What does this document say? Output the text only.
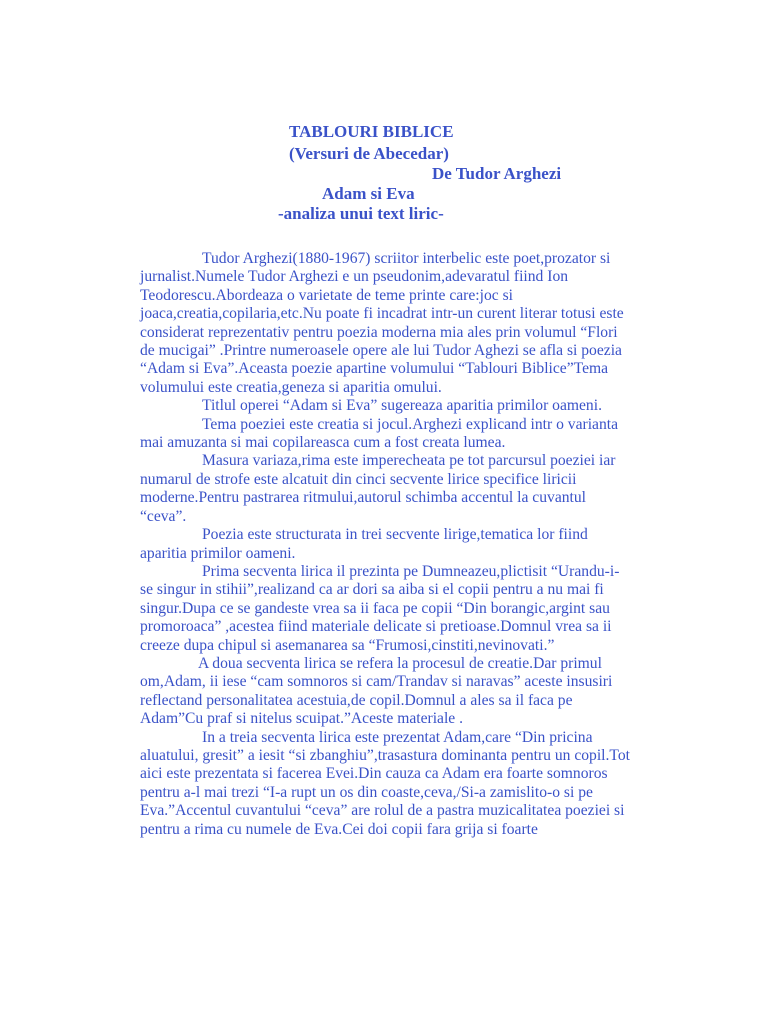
TABLOURI BIBLICE
(Versuri de Abecedar)
De Tudor Arghezi
Adam si Eva
-analiza unui text liric-

Tudor Arghezi(1880-1967) scriitor interbelic este poet,prozator si jurnalist.Numele Tudor Arghezi e un pseudonim,adevaratul fiind Ion Teodorescu.Abordeaza o varietate de teme printe care:joc si joaca,creatia,copilaria,etc.Nu poate fi incadrat intr-un curent literar totusi este considerat reprezentativ pentru poezia moderna mia ales prin volumul “Flori de mucigai” .Printre numeroasele opere ale lui Tudor Aghezi se afla si poezia “Adam si Eva”.Aceasta poezie apartine volumului “Tablouri Biblice”Tema volumului este creatia,geneza si aparitia omului.

Titlul operei “Adam si Eva” sugereaza aparitia primilor oameni.

Tema poeziei este creatia si jocul.Arghezi explicand intr o varianta mai amuzanta si mai copilareasca cum a fost creata lumea.

Masura variaza,rima este imperecheata pe tot parcursul poeziei iar numarul de strofe este alcatuit din cinci secvente lirice specifice liricii moderne.Pentru pastrarea ritmului,autorul schimba accentul la cuvantul “ceva”.

Poezia este structurata in trei secvente lirige,tematica lor fiind aparitia primilor oameni.

Prima secventa lirica il prezinta pe Dumneazeu,plictisit “Urandu-i-se singur in stihii”,realizand ca ar dori sa aiba si el copii pentru a nu mai fi singur.Dupa ce se gandeste vrea sa ii faca pe copii “Din borangic,argint sau promoroaca” ,acestea fiind materiale delicate si pretioase.Domnul vrea sa ii creeze dupa chipul si asemanarea sa “Frumosi,cinstiti,nevinovati.”

A doua secventa lirica se refera la procesul de creatie.Dar primul om,Adam, ii iese “cam somnoros si cam/Trandav si naravas” aceste insusiri reflectand personalitatea acestuia,de copil.Domnul a ales sa il faca pe Adam”Cu praf si nitelus scuipat.”Aceste materiale .

In a treia secventa lirica este prezentat Adam,care “Din pricina aluatului, gresit” a iesit “si zbanghiu”,trasastura dominanta pentru un copil.Tot aici este prezentata si facerea Evei.Din cauza ca Adam era foarte somnoros pentru a-l mai trezi “I-a rupt un os din coaste,ceva,/Si-a zamislito-o si pe Eva.”Accentul cuvantului “ceva” are rolul de a pastra muzicalitatea poeziei si pentru a rima cu numele de Eva.Cei doi copii fara grija si foarte
